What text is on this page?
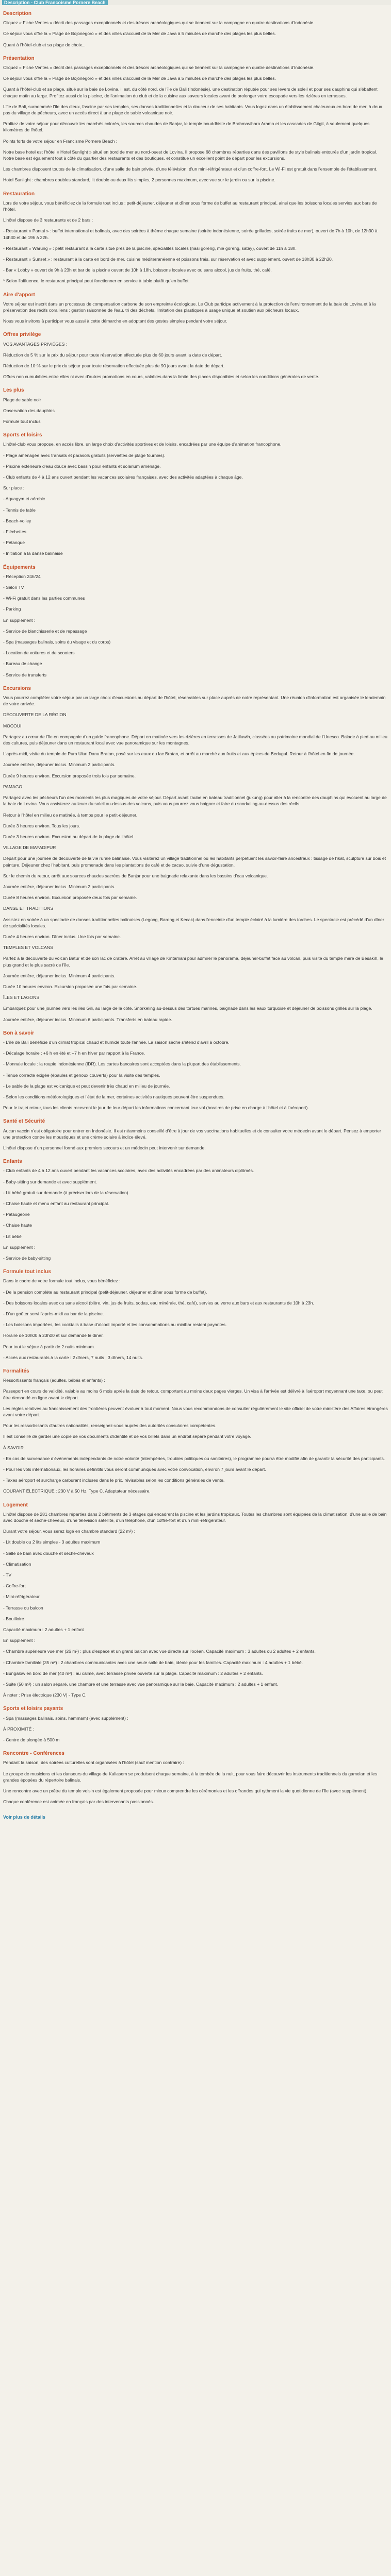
Description - Club Francoisme Pornere Beach
Description
Cliquez « Fiche Ventes » décrit des passages exceptionnels et des trésors archéologiques qui se tiennent sur la campagne en quatre destinations d'Indonésie.
Ce séjour vous offre la « Plage de Bojonegoro » et des villes d'accueil de la Mer de Java à 5 minutes de marche des plages les plus belles.
Quant à l'hôtel-club et sa plage de choix...
Présentation
Cliquez « Fiche Ventes » décrit des passages exceptionnels et des trésors archéologiques qui se tiennent sur la campagne en quatre destinations d'Indonésie.
Ce séjour vous offre la « Plage de Bojonegoro » et des villes d'accueil de la Mer de Java à 5 minutes de marche des plages les plus belles.
Quant à l'hôtel-club et sa plage, situé sur la baie de Lovina, il est, du côté nord, de l'île de Bali (Indonésie), une destination réputée pour ses levers de soleil et pour ses dauphins qui s'ébattent chaque matin au large. Profitez aussi de la piscine, de l'animation du club et de la cuisine aux saveurs locales avant de prolonger votre escapade vers les rizières en terrasses.
L'île de Bali, surnommée l'île des dieux, fascine par ses temples, ses danses traditionnelles et la douceur de ses habitants. Vous logez dans un établissement chaleureux en bord de mer, à deux pas du village de pêcheurs, avec un accès direct à une plage de sable volcanique noir.
Profitez de votre séjour pour découvrir les marchés colorés, les sources chaudes de Banjar, le temple bouddhiste de Brahmavihara Arama et les cascades de Gitgit, à seulement quelques kilomètres de l'hôtel.
Points forts de votre séjour en Francisme Pornere Beach :
Notre base hotel est l'hôtel « Hotel Sunlight » situé en bord de mer au nord-ouest de Lovina. Il propose 68 chambres réparties dans des pavillons de style balinais entourés d'un jardin tropical. Notre base est également tout à côté du quartier des restaurants et des boutiques, et constitue un excellent point de départ pour les excursions.
Les chambres disposent toutes de la climatisation, d'une salle de bain privée, d'une télévision, d'un mini-réfrigérateur et d'un coffre-fort. Le Wi-Fi est gratuit dans l'ensemble de l'établissement.
Hotel Sunlight : chambres doubles standard, lit double ou deux lits simples, 2 personnes maximum, avec vue sur le jardin ou sur la piscine.
Restauration
Lors de votre séjour, vous bénéficiez de la formule tout inclus : petit-déjeuner, déjeuner et dîner sous forme de buffet au restaurant principal, ainsi que les boissons locales servies aux bars de l'hôtel.
L'hôtel dispose de 3 restaurants et de 2 bars :
- Restaurant « Pantai » : buffet international et balinais, avec des soirées à thème chaque semaine (soirée indonésienne, soirée grillades, soirée fruits de mer), ouvert de 7h à 10h, de 12h30 à 14h30 et de 19h à 22h.
- Restaurant « Warung » : petit restaurant à la carte situé près de la piscine, spécialités locales (nasi goreng, mie goreng, satay), ouvert de 11h à 18h.
- Restaurant « Sunset » : restaurant à la carte en bord de mer, cuisine méditerranéenne et poissons frais, sur réservation et avec supplément, ouvert de 18h30 à 22h30.
- Bar « Lobby » ouvert de 9h à 23h et bar de la piscine ouvert de 10h à 18h, boissons locales avec ou sans alcool, jus de fruits, thé, café.
* Selon l'affluence, le restaurant principal peut fonctionner en service à table plutôt qu'en buffet.
Aire d'apport
Votre séjour est inscrit dans un processus de compensation carbone de son empreinte écologique. Le Club participe activement à la protection de l'environnement de la baie de Lovina et à la préservation des récifs coralliens : gestion raisonnée de l'eau, tri des déchets, limitation des plastiques à usage unique et soutien aux pêcheurs locaux.
Nous vous invitons à participer vous aussi à cette démarche en adoptant des gestes simples pendant votre séjour.
Offres privilège
VOS AVANTAGES PRIVIÉGES :
Réduction de 5 % sur le prix du séjour pour toute réservation effectuée plus de 60 jours avant la date de départ.
Réduction de 10 % sur le prix du séjour pour toute réservation effectuée plus de 90 jours avant la date de départ.
Offres non cumulables entre elles ni avec d'autres promotions en cours, valables dans la limite des places disponibles et selon les conditions générales de vente.
Les plus
Plage de sable noir
Observation des dauphins
Formule tout inclus
Sports et loisirs
L'hôtel-club vous propose, en accès libre, un large choix d'activités sportives et de loisirs, encadrées par une équipe d'animation francophone.
- Plage aménagée avec transats et parasols gratuits (serviettes de plage fournies).
- Piscine extérieure d'eau douce avec bassin pour enfants et solarium aménagé.
- Club enfants de 4 à 12 ans ouvert pendant les vacances scolaires françaises, avec des activités adaptées à chaque âge.
Sur place :
- Aquagym et aérobic
- Tennis de table
- Beach-volley
- Fléchettes
- Pétanque
- Initiation à la danse balinaise
Équipements
- Réception 24h/24
- Salon TV
- Wi-Fi gratuit dans les parties communes
- Parking
En supplément :
- Service de blanchisserie et de repassage
- Spa (massages balinais, soins du visage et du corps)
- Location de voitures et de scooters
- Bureau de change
- Service de transferts
Excursions
Vous pourrez compléter votre séjour par un large choix d'excursions au départ de l'hôtel, réservables sur place auprès de notre représentant. Une réunion d'information est organisée le lendemain de votre arrivée.
DÉCOUVERTE DE LA RÉGION
MOCOUI
Partagez au cœur de l'île en compagnie d'un guide francophone. Départ en matinée vers les rizières en terrasses de Jatiluwih, classées au patrimoine mondial de l'Unesco. Balade à pied au milieu des cultures, puis déjeuner dans un restaurant local avec vue panoramique sur les montagnes.
L'après-midi, visite du temple de Pura Ulun Danu Bratan, posé sur les eaux du lac Bratan, et arrêt au marché aux fruits et aux épices de Bedugul. Retour à l'hôtel en fin de journée.
Journée entière, déjeuner inclus. Minimum 2 participants.
Durée 9 heures environ. Excursion proposée trois fois par semaine.
PAMAGO
Partagez avec les pêcheurs l'un des moments les plus magiques de votre séjour. Départ avant l'aube en bateau traditionnel (jukung) pour aller à la rencontre des dauphins qui évoluent au large de la baie de Lovina. Vous assisterez au lever du soleil au-dessus des volcans, puis vous pourrez vous baigner et faire du snorkeling au-dessus des récifs.
Retour à l'hôtel en milieu de matinée, à temps pour le petit-déjeuner.
Durée 3 heures environ. Tous les jours.
Durée 3 heures environ. Excursion au départ de la plage de l'hôtel.
VILLAGE DE MAYADIPUR
Départ pour une journée de découverte de la vie rurale balinaise. Vous visiterez un village traditionnel où les habitants perpétuent les savoir-faire ancestraux : tissage de l'ikat, sculpture sur bois et peinture. Déjeuner chez l'habitant, puis promenade dans les plantations de café et de cacao, suivie d'une dégustation.
Sur le chemin du retour, arrêt aux sources chaudes sacrées de Banjar pour une baignade relaxante dans les bassins d'eau volcanique.
Journée entière, déjeuner inclus. Minimum 2 participants.
Durée 8 heures environ. Excursion proposée deux fois par semaine.
DANSE ET TRADITIONS
Assistez en soirée à un spectacle de danses traditionnelles balinaises (Legong, Barong et Kecak) dans l'enceinte d'un temple éclairé à la lumière des torches. Le spectacle est précédé d'un dîner de spécialités locales.
Durée 4 heures environ. Dîner inclus. Une fois par semaine.
TEMPLES ET VOLCANS
Partez à la découverte du volcan Batur et de son lac de cratère. Arrêt au village de Kintamani pour admirer le panorama, déjeuner-buffet face au volcan, puis visite du temple mère de Besakih, le plus grand et le plus sacré de l'île.
Journée entière, déjeuner inclus. Minimum 4 participants.
Durée 10 heures environ. Excursion proposée une fois par semaine.
ÎLES ET LAGONS
Embarquez pour une journée vers les îles Gili, au large de la côte. Snorkeling au-dessus des tortues marines, baignade dans les eaux turquoise et déjeuner de poissons grillés sur la plage.
Journée entière, déjeuner inclus. Minimum 6 participants. Transferts en bateau rapide.
Bon à savoir
- L'île de Bali bénéficie d'un climat tropical chaud et humide toute l'année. La saison sèche s'étend d'avril à octobre.
- Décalage horaire : +6 h en été et +7 h en hiver par rapport à la France.
- Monnaie locale : la roupie indonésienne (IDR). Les cartes bancaires sont acceptées dans la plupart des établissements.
- Tenue correcte exigée (épaules et genoux couverts) pour la visite des temples.
- Le sable de la plage est volcanique et peut devenir très chaud en milieu de journée.
- Selon les conditions météorologiques et l'état de la mer, certaines activités nautiques peuvent être suspendues.
Pour le trajet retour, tous les clients recevront le jour de leur départ les informations concernant leur vol (horaires de prise en charge à l'hôtel et à l'aéroport).
Santé et Sécurité
Aucun vaccin n'est obligatoire pour entrer en Indonésie. Il est néanmoins conseillé d'être à jour de vos vaccinations habituelles et de consulter votre médecin avant le départ. Pensez à emporter une protection contre les moustiques et une crème solaire à indice élevé.
L'hôtel dispose d'un personnel formé aux premiers secours et un médecin peut intervenir sur demande.
Enfants
- Club enfants de 4 à 12 ans ouvert pendant les vacances scolaires, avec des activités encadrées par des animateurs diplômés.
- Baby-sitting sur demande et avec supplément.
- Lit bébé gratuit sur demande (à préciser lors de la réservation).
- Chaise haute et menu enfant au restaurant principal.
- Pataugeoire
- Chaise haute
- Lit bébé
En supplément :
- Service de baby-sitting
Formule tout inclus
Dans le cadre de votre formule tout inclus, vous bénéficiez :
- De la pension complète au restaurant principal (petit-déjeuner, déjeuner et dîner sous forme de buffet).
- Des boissons locales avec ou sans alcool (bière, vin, jus de fruits, sodas, eau minérale, thé, café), servies au verre aux bars et aux restaurants de 10h à 23h.
- D'un goûter servi l'après-midi au bar de la piscine.
- Les boissons importées, les cocktails à base d'alcool importé et les consommations au minibar restent payantes.
Horaire de 10h00 à 23h00 et sur demande le dîner.
Pour tout le séjour à partir de 2 nuits minimum.
- Accès aux restaurants à la carte : 2 dîners, 7 nuits ; 3 dîners, 14 nuits.
Formalités
Ressortissants français (adultes, bébés et enfants) :
Passeport en cours de validité, valable au moins 6 mois après la date de retour, comportant au moins deux pages vierges. Un visa à l'arrivée est délivré à l'aéroport moyennant une taxe, ou peut être demandé en ligne avant le départ.
Les règles relatives au franchissement des frontières peuvent évoluer à tout moment. Nous vous recommandons de consulter régulièrement le site officiel de votre ministère des Affaires étrangères avant votre départ.
Pour les ressortissants d'autres nationalités, renseignez-vous auprès des autorités consulaires compétentes.
Il est conseillé de garder une copie de vos documents d'identité et de vos billets dans un endroit séparé pendant votre voyage.
À SAVOIR
- En cas de survenance d'événements indépendants de notre volonté (intempéries, troubles politiques ou sanitaires), le programme pourra être modifié afin de garantir la sécurité des participants.
- Pour les vols internationaux, les horaires définitifs vous seront communiqués avec votre convocation, environ 7 jours avant le départ.
- Taxes aéroport et surcharge carburant incluses dans le prix, révisables selon les conditions générales de vente.
COURANT ÉLECTRIQUE : 230 V à 50 Hz. Type C. Adaptateur nécessaire.
Logement
L'hôtel dispose de 281 chambres réparties dans 2 bâtiments de 3 étages qui encadrent la piscine et les jardins tropicaux. Toutes les chambres sont équipées de la climatisation, d'une salle de bain avec douche et sèche-cheveux, d'une télévision satellite, d'un téléphone, d'un coffre-fort et d'un mini-réfrigérateur.
Durant votre séjour, vous serez logé en chambre standard (22 m²) :
- Lit double ou 2 lits simples - 3 adultes maximum
- Salle de bain avec douche et sèche-cheveux
- Climatisation
- TV
- Coffre-fort
- Mini-réfrigérateur
- Terrasse ou balcon
- Bouilloire
Capacité maximum : 2 adultes + 1 enfant
En supplément :
- Chambre supérieure vue mer (26 m²) : plus d'espace et un grand balcon avec vue directe sur l'océan. Capacité maximum : 3 adultes ou 2 adultes + 2 enfants.
- Chambre familiale (35 m²) : 2 chambres communicantes avec une seule salle de bain, idéale pour les familles. Capacité maximum : 4 adultes + 1 bébé.
- Bungalow en bord de mer (40 m²) : au calme, avec terrasse privée ouverte sur la plage. Capacité maximum : 2 adultes + 2 enfants.
- Suite (50 m²) : un salon séparé, une chambre et une terrasse avec vue panoramique sur la baie. Capacité maximum : 2 adultes + 1 enfant.
À noter : Prise électrique (230 V) - Type C.
Sports et loisirs payants
- Spa (massages balinais, soins, hammam) (avec supplément) :
À PROXIMITÉ :
- Centre de plongée à 500 m
Rencontre - Conférences
Pendant la saison, des soirées culturelles sont organisées à l'hôtel (sauf mention contraire) :
Le groupe de musiciens et les danseurs du village de Kaliasem se produisent chaque semaine, à la tombée de la nuit, pour vous faire découvrir les instruments traditionnels du gamelan et les grandes épopées du répertoire balinais.
Une rencontre avec un prêtre du temple voisin est également proposée pour mieux comprendre les cérémonies et les offrandes qui rythment la vie quotidienne de l'île (avec supplément).
Chaque conférence est animée en français par des intervenants passionnés.
Voir plus de détails
